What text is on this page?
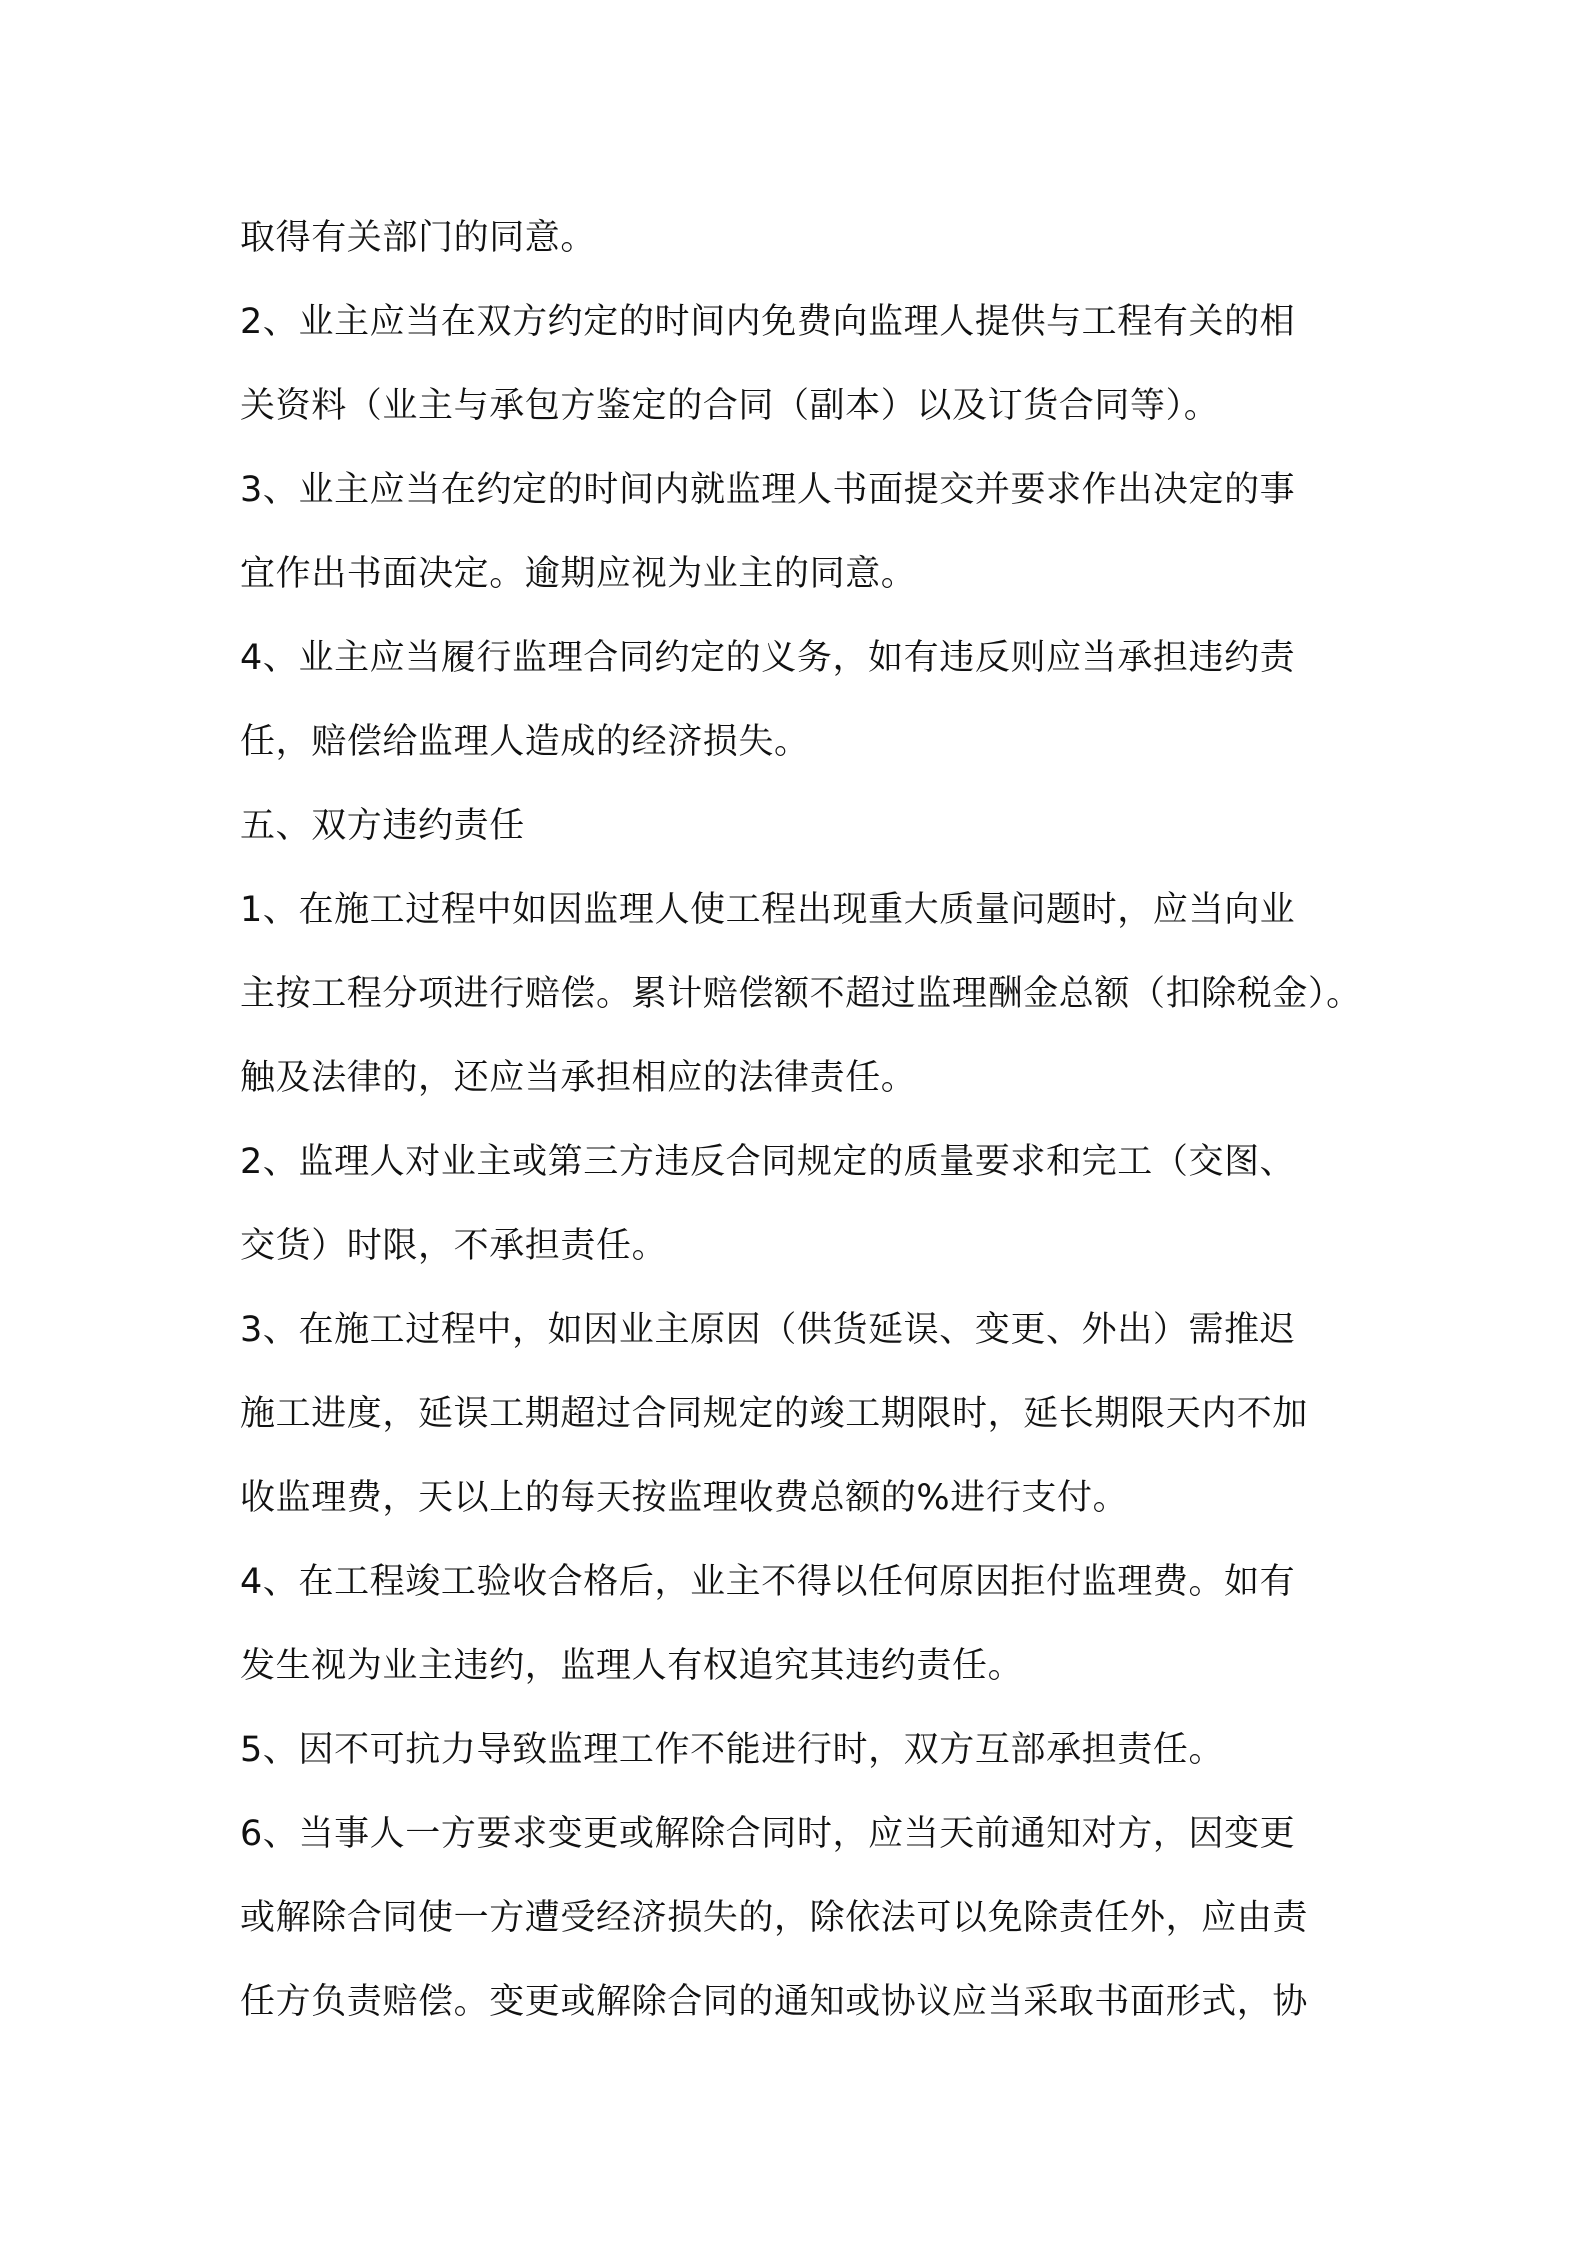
取得有关部门的同意。
2、业主应当在双方约定的时间内免费向监理人提供与工程有关的相
关资料（业主与承包方鉴定的合同（副本）以及订货合同等）。
3、业主应当在约定的时间内就监理人书面提交并要求作出决定的事
宜作出书面决定。逾期应视为业主的同意。
4、业主应当履行监理合同约定的义务，如有违反则应当承担违约责
任，赔偿给监理人造成的经济损失。
五、双方违约责任
1、在施工过程中如因监理人使工程出现重大质量问题时，应当向业
主按工程分项进行赔偿。累计赔偿额不超过监理酬金总额（扣除税金）。
触及法律的，还应当承担相应的法律责任。
2、监理人对业主或第三方违反合同规定的质量要求和完工（交图、
交货）时限，不承担责任。
3、在施工过程中，如因业主原因（供货延误、变更、外出）需推迟
施工进度，延误工期超过合同规定的竣工期限时，延长期限天内不加
收监理费，天以上的每天按监理收费总额的%进行支付。
4、在工程竣工验收合格后，业主不得以任何原因拒付监理费。如有
发生视为业主违约，监理人有权追究其违约责任。
5、因不可抗力导致监理工作不能进行时，双方互部承担责任。
6、当事人一方要求变更或解除合同时，应当天前通知对方，因变更
或解除合同使一方遭受经济损失的，除依法可以免除责任外，应由责
任方负责赔偿。变更或解除合同的通知或协议应当采取书面形式，协
